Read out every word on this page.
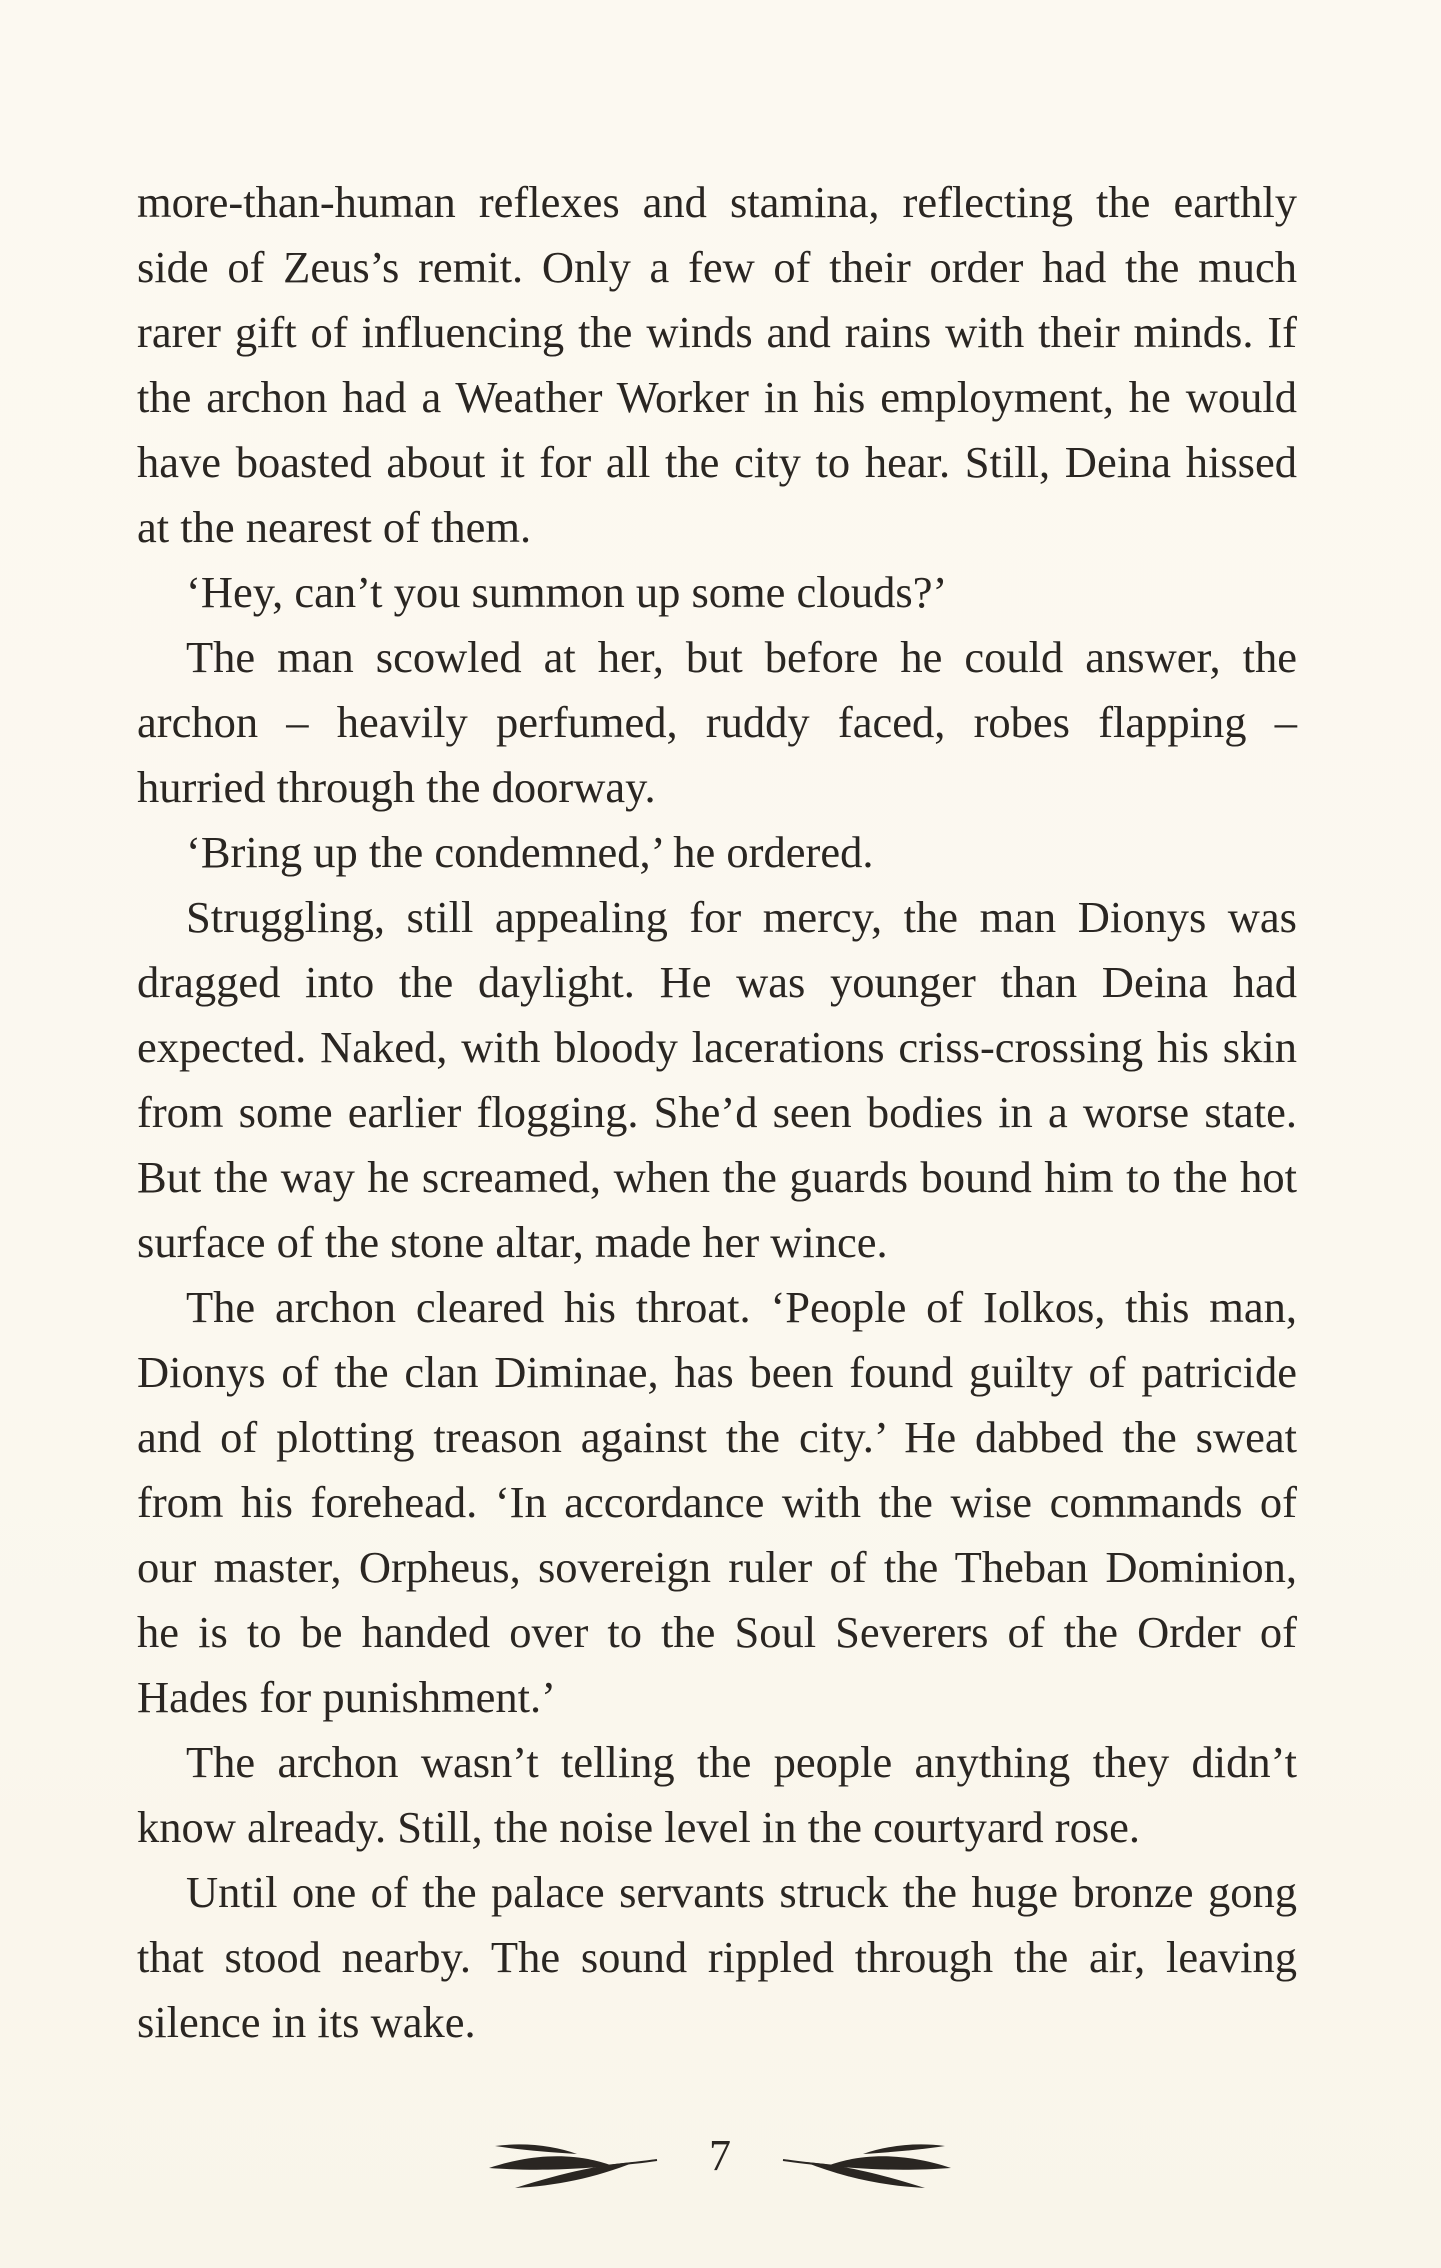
more-than-human reflexes and stamina, reflecting the earthly side of Zeus’s remit. Only a few of their order had the much rarer gift of influencing the winds and rains with their minds. If the archon had a Weather Worker in his employment, he would have boasted about it for all the city to hear. Still, Deina hissed at the nearest of them.

‘Hey, can’t you summon up some clouds?’

The man scowled at her, but before he could answer, the archon – heavily perfumed, ruddy faced, robes flapping – hurried through the doorway.

‘Bring up the condemned,’ he ordered.

Struggling, still appealing for mercy, the man Dionys was dragged into the daylight. He was younger than Deina had expected. Naked, with bloody lacerations criss-crossing his skin from some earlier flogging. She’d seen bodies in a worse state. But the way he screamed, when the guards bound him to the hot surface of the stone altar, made her wince.

The archon cleared his throat. ‘People of Iolkos, this man, Dionys of the clan Diminae, has been found guilty of patricide and of plotting treason against the city.’ He dabbed the sweat from his forehead. ‘In accordance with the wise commands of our master, Orpheus, sovereign ruler of the Theban Dominion, he is to be handed over to the Soul Severers of the Order of Hades for punishment.’

The archon wasn’t telling the people anything they didn’t know already. Still, the noise level in the courtyard rose.

Until one of the palace servants struck the huge bronze gong that stood nearby. The sound rippled through the air, leaving silence in its wake.

7
